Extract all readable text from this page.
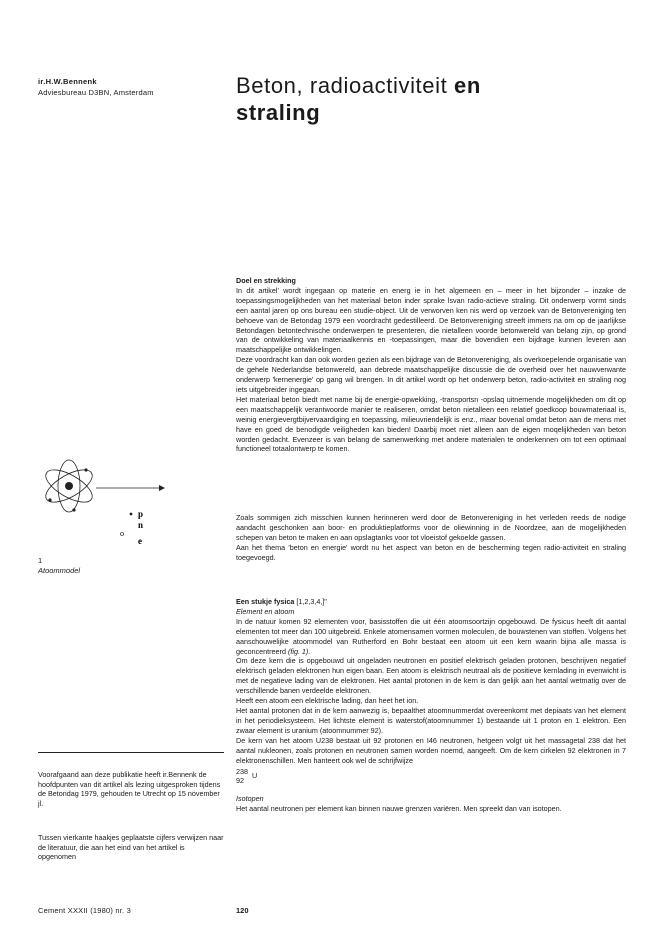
ir.H.W.Bennenk
Adviesbureau D3BN, Amsterdam	Beton, radioactiviteit en
straling

Doel en strekking

In dit artikel' wordt ingegaan op materie en energ ie in het algemeen en – meer in het bijzonder – inzake de toepassingsmogelijkheden van het materiaal beton inder sprake lsvan radio-actieve straling. Dit onderwerp vormt sinds een aantal jaren op ons bureau een studie-object. Uit de verworven ken nis werd op verzoek van de Betonvereniging ten behoeve van de Betondag 1979 een voordracht gedestilleerd. De Betonvereniging streeft immers na om op de jaarlijkse Betondagen betontechnische onderwerpen te presenteren, die nietalleen voorde betonwereld van belang zijn, op grond van de ontwikkeling van materiaalkennis en -toepassingen, maar die bovendien een bijdrage kunnen leveren aan maatschappelijke ontwikkelingen.

Deze voordracht kan dan ook worden gezien als een bijdrage van de Betonvereniging, als overkoepelende organisatie van de gehele Nederlandse betonwereld, aan debrede maatschappelijke discussie die de overheid over het nauwverwante onderwerp 'kernenergie' op gang wil brengen. In dit artikel wordt op het onderwerp beton, radio-activiteit en straling nog iets uitgebreider ingegaan.

Het materiaal beton biedt met name bij de energie-opwekking, -transportsn -opslaq uitnemende mogelijkheden om dit op een maatschappelijk verantwoorde manier te realiseren, omdat beton nietalleen een relatief goedkoop bouwmateriaal is, weinig energievergtbijvervaardiging en toepassing, milieuvriendelijk is enz., maar bovenal omdat beton aan de mens met have en goed de benodigde veiligheden kan bieden! Daarbij moet niet alleen aan de eigen rnoqelijkheden van beton worden gedacht. Evenzeer is van belang de samenwerking met andere materialen te onderkennen om tot een optimaal functioneel totaalontwerp te komen.

Zoals sommigen zich misschien kunnen herinneren werd door de Betonvereniging in het verleden reeds de nodige aandacht geschonken aan boor- en produktieplatforms voor de oliewinning in de Noordzee, aan de mogelijkheden schepen van beton te maken en aan opslagtanks voor tot vloeistof gekoelde gassen.

Aan het thema 'beton en energie' wordt nu het aspect van beton en de bescherming tegen radio-activiteit en straling toegevoegd.

Een stukje fysica [1,2,3,4,]"

Element en atoom

In de natuur komen 92 elementen voor, basisstoffen die uit één atoomsoortzijn opgebouwd. De fysicus heeft dit aantal elementen tot meer dan 100 uitgebreid. Enkele atomensamen vormen moleculen, de bouwstenen van stoffen. Volgens het aanschouwelijke atoommodel van Rutherford en Bohr bestaat een atoom uit een kern waarin bijna alle massa is geconcentreerd (fig. 1).

Om deze kern die is opgebouwd uit ongeladen neutronen en positief elektrisch geladen protonen, beschrijven negatief elektrisch geladen elektronen hun eigen baan. Een atoom is elektrisch neutraal als de positieve kernlading in evenwicht is met de negatieve lading van de elektronen. Het aantal protonen in de kern is dan gelijk aan het aantal wetmatig over de verschillende banen verdeelde elektronen.

Heeft een atoom een elektrische lading, dan heet het ion.

Het aantal protonen dat in de kern aanwezig is, bepaalthet atoomnummerdat overeenkomt met depiaats van het element in het periodieksysteem. Het lichtste element is waterstof(atoomnummer 1) bestaande uit 1 proton en 1 elektron. Een zwaar element is uranium (atoomnummer 92).

De kern van het atoom U238 bestaat uit 92 protonen en I46 neutronen, hetgeen volgt uit het massagetal 238 dat het aantal nukleonen, zoals protonen en neutronen samen worden noemd, aangeeft. Om de kern cirkelen 92 elektronen in 7 elektronenschillen. Men hanteert ook wel de schrijfwijze

238
92
U

Isotopen

Het aantal neutronen per element kan binnen nauwe grenzen variëren. Men spreekt dan van isotopen.

p
n
o
e
1
Atoommodel

Voorafgaand aan deze publikatie heeft ir.Bennenk de hoofdpunten van dit artikel als lezing uitgesproken tijdens de Betondag 1979, gehouden te Utrecht op 15 november jl.

Tussen vierkante haakjes geplaatste cijfers verwijzen naar de literatuur, die aan het eind van het artikel is opgenomen

Cement XXXII (1980) nr. 3	120
